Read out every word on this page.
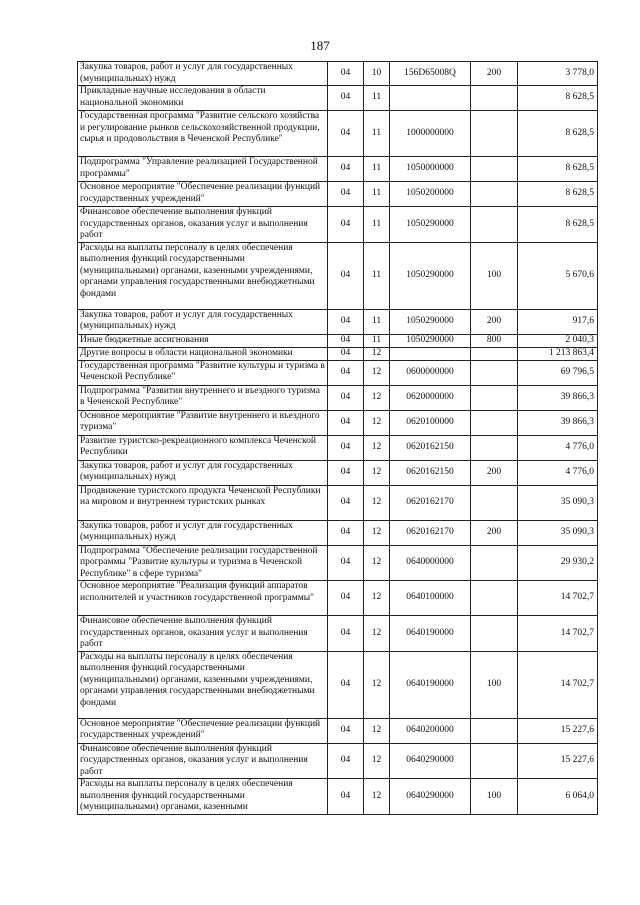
187
Закупка товаров, работ и услуг для государственных (муниципальных) нужд	04	10	156D65008Q	200	3 778,0
Прикладные научные исследования в области национальной экономики	04	11			8 628,5
Государственная программа "Развитие сельского хозяйства и регулирование рынков сельскохозяйственной продукции, сырья и продовольствия в Чеченской Республике"	04	11	1000000000		8 628,5
Подпрограмма "Управление реализацией Государственной программы"	04	11	1050000000		8 628,5
Основное мероприятие "Обеспечение реализации функций государственных учреждений"	04	11	1050200000		8 628,5
Финансовое обеспечение выполнения функций государственных органов, оказания услуг и выполнения работ	04	11	1050290000		8 628,5
Расходы на выплаты персоналу в целях обеспечения выполнения функций государственными (муниципальными) органами, казенными учреждениями, органами управления государственными внебюджетными фондами	04	11	1050290000	100	5 670,6
Закупка товаров, работ и услуг для государственных (муниципальных) нужд	04	11	1050290000	200	917,6
Иные бюджетные ассигнования	04	11	1050290000	800	2 040,3
Другие вопросы в области национальной экономики	04	12			1 213 863,4
Государственная программа "Развитие культуры и туризма в Чеченской Республике"	04	12	0600000000		69 796,5
Подпрограмма "Развития внутреннего и въездного туризма в Чеченской Республике"	04	12	0620000000		39 866,3
Основное мероприятие "Развитие внутреннего и въездного туризма"	04	12	0620100000		39 866,3
Развитие туристско-рекреационного комплекса Чеченской Республики	04	12	0620162150		4 776,0
Закупка товаров, работ и услуг для государственных (муниципальных) нужд	04	12	0620162150	200	4 776,0
Продвижение туристского продукта Чеченской Республики на мировом и внутреннем туристских рынках	04	12	0620162170		35 090,3
Закупка товаров, работ и услуг для государственных (муниципальных) нужд	04	12	0620162170	200	35 090,3
Подпрограмма "Обеспечение реализации государственной программы "Развитие культуры и туризма в Чеченской Республике" в сфере туризма"	04	12	0640000000		29 930,2
Основное мероприятие "Реализация функций аппаратов исполнителей и участников государственной программы"	04	12	0640100000		14 702,7
Финансовое обеспечение выполнения функций государственных органов, оказания услуг и выполнения работ	04	12	0640190000		14 702,7
Расходы на выплаты персоналу в целях обеспечения выполнения функций государственными (муниципальными) органами, казенными учреждениями, органами управления государственными внебюджетными фондами	04	12	0640190000	100	14 702,7
Основное мероприятие "Обеспечение реализации функций государственных учреждений"	04	12	0640200000		15 227,6
Финансовое обеспечение выполнения функций государственных органов, оказания услуг и выполнения работ	04	12	0640290000		15 227,6
Расходы на выплаты персоналу в целях обеспечения выполнения функций государственными (муниципальными) органами, казенными	04	12	0640290000	100	6 064,0
